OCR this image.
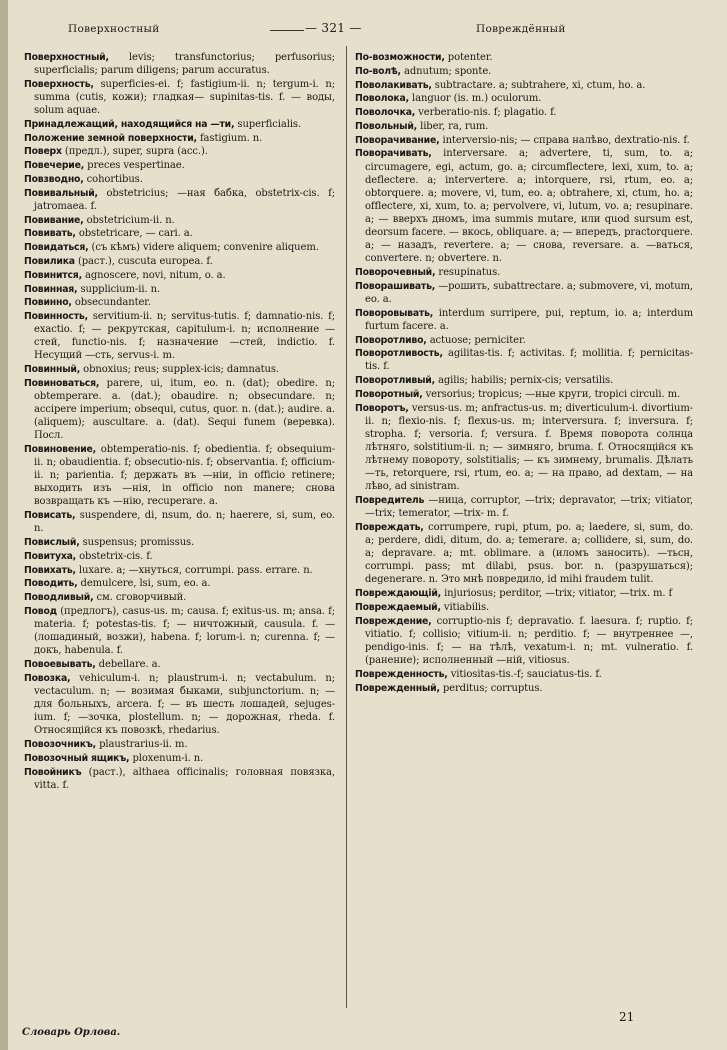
Поверхностный	— 321 —	Повреждённый
Поверхностный, levis; transfunctorius; perfusorius; superficialis; parum diligens; parum accuratus.
Поверхность, superficies-ei. f; fastigium-ii. n; tergum-i. n; summa (cutis, кожи); гладкая— supinitas-tis. f. — воды, solum aquae.
Принадлежащий, находящийся на —ти, superficialis.
Положение земной поверхности, fastigium. n.
Поверх (предл.), super, supra (acc.).
Повечерие, preces vespertinae.
Повзводно, cohortibus.
Повивальный, obstetricius; —ная бабка, obstetrix-cis. f; jatromaea. f.
Повивание, obstetricium-ii. n.
Повивать, obstetricare, — cari. a.
Повидаться, (съ кѣмъ) videre aliquem; convenire aliquem.
Повилика (раст.), cuscuta europea. f.
Повинится, agnoscere, novi, nitum, o. a.
Повинная, supplicium-ii. n.
Повинно, obsecundanter.
Повинность, servitium-ii. n; servitus-tutis. f; damnatio-nis. f; exactio. f; — рекрутская, capitulum-i. n; исполнение —стей, functio-nis. f; назначение —стей, indictio. f. Несущий —сть, servus-i. m.
Повинный, obnoxius; reus; supplex-icis; damnatus.
Повиноваться, parere, ui, itum, eo. n. (dat); obedire. n; obtemperare. a. (dat.); obaudire. n; obsecundare. n; accipere imperium; obsequi, cutus, quor. n. (dat.); audire. a. (aliquem); auscultare. a. (dat). Sequi funem (веревка). Посл.
Повиновение, obtemperatio-nis. f; obedientia. f; obsequium-ii. n; obaudientia. f; obsecutio-nis. f; observantia. f; officium-ii. n; parientia. f; держать въ —ніи, in officio retinere; выходить изъ —нія, in officio non manere; снова возвращать къ —нію, recuperare. a.
Повисать, suspendere, di, nsum, do. n; haerere, si, sum, eo. n.
Повислый, suspensus; promissus.
Повитуха, obstetrix-cis. f.
Повихать, luxare. a; —хнуться, corrumpi. pass. errare. n.
Поводить, demulcere, lsi, sum, eo. a.
Поводливый, см. сговорчивый.
Повод (предлогъ), casus-us. m; causa. f; exitus-us. m; ansa. f; materia. f; potestas-tis. f; — ничтожный, causula. f. — (лошадиный, возжи), habena. f; lorum-i. n; curenna. f; —докъ, habenula. f.
Повоевывать, debellare. a.
Повозка, vehiculum-i. n; plaustrum-i. n; vectabulum. n; vectaculum. n; — возимая быками, subjunctorium. n; — для больныхъ, arcera. f; — въ шесть лошадей, sejuges-ium. f; —зочка, plostellum. n; — дорожная, rheda. f. Относящійся къ повозкѣ, rhedarius.
Повозочникъ, plaustrarius-ii. m.
Повозочный ящикъ, ploxenum-i. n.
Повойникъ (раст.), althaea officinalis; головная повязка, vitta. f.
По-возможности, potenter.
По-волѣ, adnutum; sponte.
Поволакивать, subtractare. a; subtrahere, xi, ctum, ho. a.
Поволока, languor (is. m.) oculorum.
Поволочка, verberatio-nis. f; plagatio. f.
Повольный, liber, ra, rum.
Поворачивание, interversio-nis; — справа налѣво, dextratio-nis. f.
Поворачивать, interversare. a; advertere, ti, sum, to. a; circumagere, egi, actum, go. a; circumflectere, lexi, xum, to. a; deflectere. a; intervertere. a; intorquere, rsi, rtum, eo. a; obtorquere. a; movere, vi, tum, eo. a; obtrahere, xi, ctum, ho. a; offlectere, xi, xum, to. a; pervolvere, vi, lutum, vo. a; resupinare. a; — вверхъ дномъ, ima summis mutare, или quod sursum est, deorsum facere. — вкось, obliquare. a; — впередъ, practorquere. a; — назадъ, revertere. a; — снова, reversare. a. —ваться, convertere. n; obvertere. n.
Поворочевный, resupinatus.
Поворашивать, —рошить, subattrectare. a; submovere, vi, motum, eo. a.
Поворовывать, interdum surripere, pui, reptum, io. a; interdum furtum facere. a.
Поворотливо, actuose; perniciter.
Поворотливость, agilitas-tis. f; activitas. f; mollitia. f; pernicitas-tis. f.
Поворотливый, agilis; habilis; pernix-cis; versatilis.
Поворотный, versorius; tropicus; —ные круги, tropici circuli. m.
Поворотъ, versus-us. m; anfractus-us. m; diverticulum-i. divortium-ii. n; flexio-nis. f; flexus-us. m; interversura. f; inversura. f; stropha. f; versoria. f; versura. f. Время поворота солнца лѣтняго, solstitium-ii. n; — зимняго, bruma. f. Относящійся къ лѣтнему повороту, solstitialis; — къ зимнему, brumalis. Дѣлать —ть, retorquere, rsi, rtum, eo. a; — на право, ad dextam, — на лѣво, ad sinistram.
Повредитель —ница, corruptor, —trix; depravator, —trix; vitiator, —trix; temerator, —trix- m. f.
Повреждать, corrumpere, rupi, ptum, po. a; laedere, si, sum, do. a; perdere, didi, ditum, do. a; temerare. a; collidere, si, sum, do. a; depravare. a; mt. oblimare. a (иломъ заносить). —тьсн, corrumpi. pass; mt dilabi, psus. bor. n. (разрушаться); degenerare. n. Это мнѣ повредило, id mihi fraudem tulit.
Повреждающій, injuriosus; perditor, —trix; vitiator, —trix. m. f
Повреждаемый, vitiabilis.
Повреждение, corruptio-nis f; depravatio. f. laesura. f; ruptio. f; vitiatio. f; collisio; vitium-ii. n; perditio. f; — внутреннее —, pendigo-inis. f; — на тѣлѣ, vexatum-i. n; mt. vulneratio. f. (ранение); исполненный —ній, vitiosus.
Поврежденность, vitiositas-tis.-f; sauciatus-tis. f.
Поврежденный, perditus; corruptus.
21
Словарь Орлова.
